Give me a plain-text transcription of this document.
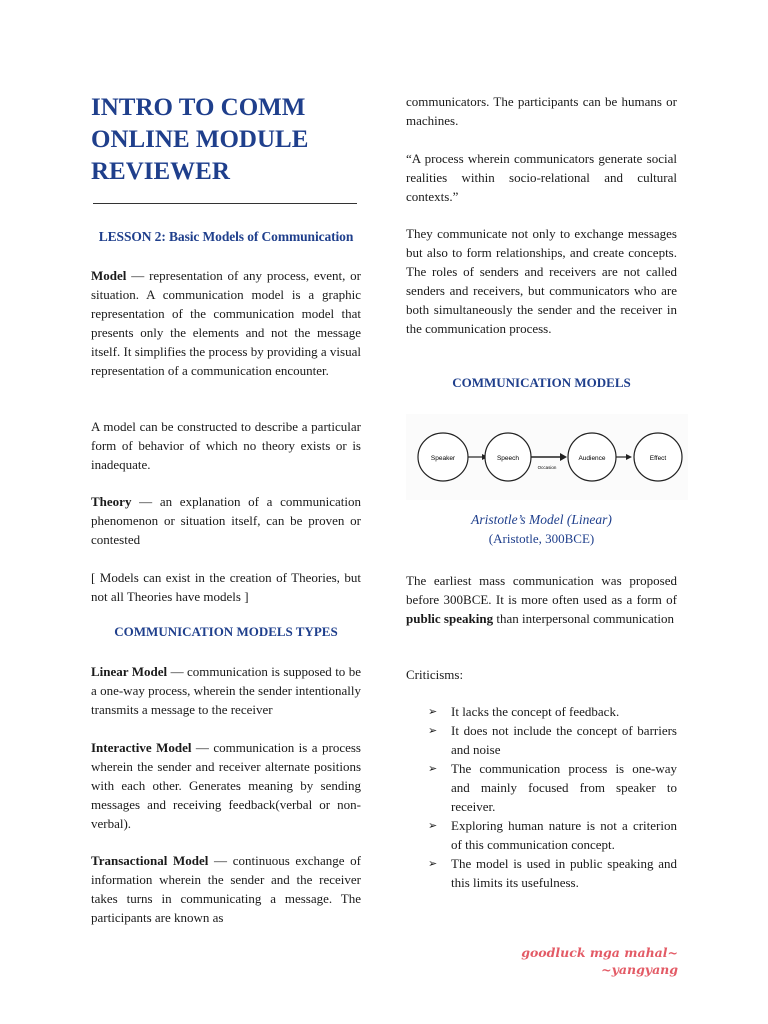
INTRO TO COMM ONLINE MODULE REVIEWER
LESSON 2: Basic Models of Communication
Model — representation of any process, event, or situation. A communication model is a graphic representation of the communication model that presents only the elements and not the message itself. It simplifies the process by providing a visual representation of a communication encounter.
A model can be constructed to describe a particular form of behavior of which no theory exists or is inadequate.
Theory — an explanation of a communication phenomenon or situation itself, can be proven or contested
[ Models can exist in the creation of Theories, but not all Theories have models ]
COMMUNICATION MODELS TYPES
Linear Model — communication is supposed to be a one-way process, wherein the sender intentionally transmits a message to the receiver
Interactive Model — communication is a process wherein the sender and receiver alternate positions with each other. Generates meaning by sending messages and receiving feedback(verbal or non-verbal).
Transactional Model — continuous exchange of information wherein the sender and the receiver takes turns in communicating a message. The participants are known as
communicators. The participants can be humans or machines.
“A process wherein communicators generate social realities within socio-relational and cultural contexts.”
They communicate not only to exchange messages but also to form relationships, and create concepts. The roles of senders and receivers are not called senders and receivers, but communicators who are both simultaneously the sender and the receiver in the communication process.
COMMUNICATION MODELS
Speaker	Speech
Occasion
Audience	Effect
Aristotle’s Model (Linear)
(Aristotle, 300BCE)
The earliest mass communication was proposed before 300BCE. It is more often used as a form of public speaking than interpersonal communication
Criticisms:
➢ It lacks the concept of feedback.
➢ It does not include the concept of barriers and noise
➢ The communication process is one-way and mainly focused from speaker to receiver.
➢ Exploring human nature is not a criterion of this communication concept.
➢ The model is used in public speaking and this limits its usefulness.
goodluck mga mahal~
~yangyang
